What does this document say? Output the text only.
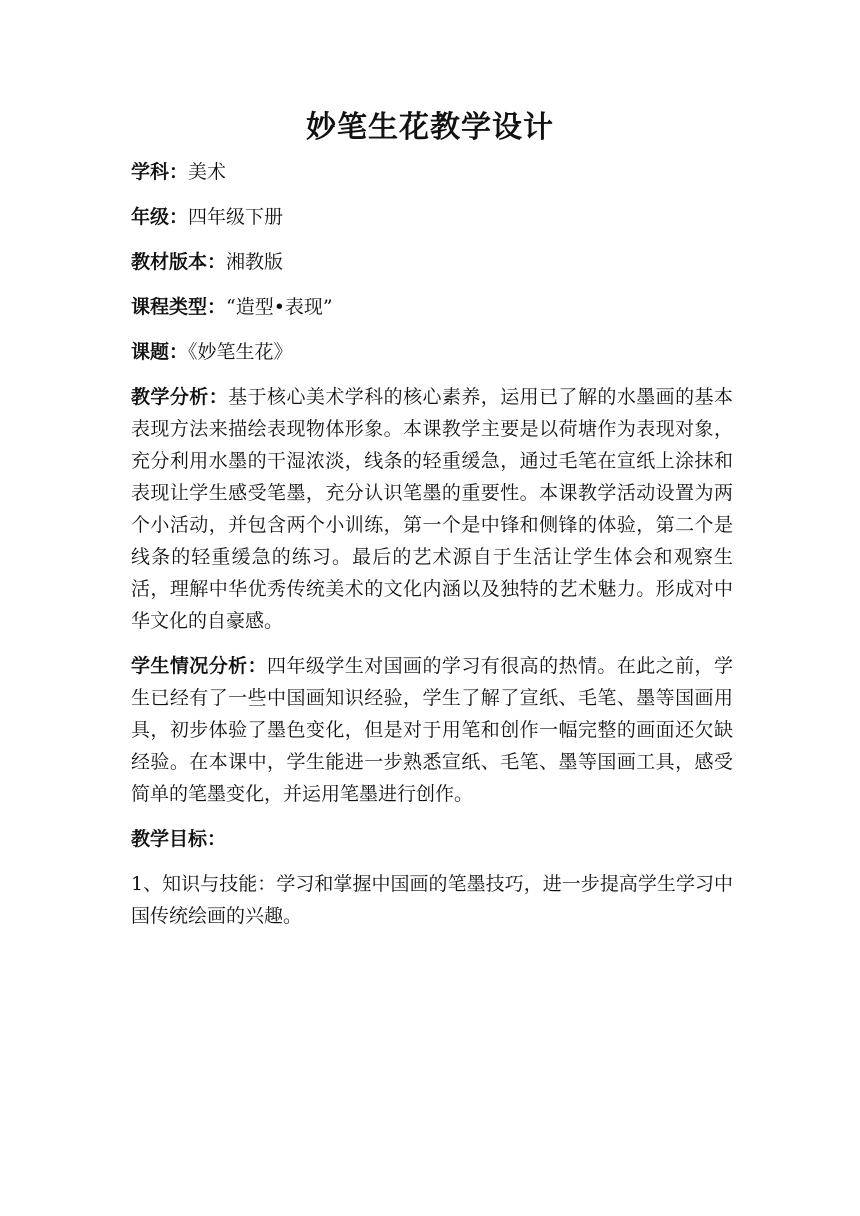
妙笔生花教学设计

学科：美术

年级：四年级下册

教材版本：湘教版

课程类型：“造型•表现”

课题：《妙笔生花》

教学分析：基于核心美术学科的核心素养，运用已了解的水墨画的基本表现方法来描绘表现物体形象。本课教学主要是以荷塘作为表现对象，充分利用水墨的干湿浓淡，线条的轻重缓急，通过毛笔在宣纸上涂抹和表现让学生感受笔墨，充分认识笔墨的重要性。本课教学活动设置为两个小活动，并包含两个小训练，第一个是中锋和侧锋的体验，第二个是线条的轻重缓急的练习。最后的艺术源自于生活让学生体会和观察生活，理解中华优秀传统美术的文化内涵以及独特的艺术魅力。形成对中华文化的自豪感。

学生情况分析：四年级学生对国画的学习有很高的热情。在此之前，学生已经有了一些中国画知识经验，学生了解了宣纸、毛笔、墨等国画用具，初步体验了墨色变化，但是对于用笔和创作一幅完整的画面还欠缺经验。在本课中，学生能进一步熟悉宣纸、毛笔、墨等国画工具，感受简单的笔墨变化，并运用笔墨进行创作。

教学目标：

1、知识与技能：学习和掌握中国画的笔墨技巧，进一步提高学生学习中国传统绘画的兴趣。
